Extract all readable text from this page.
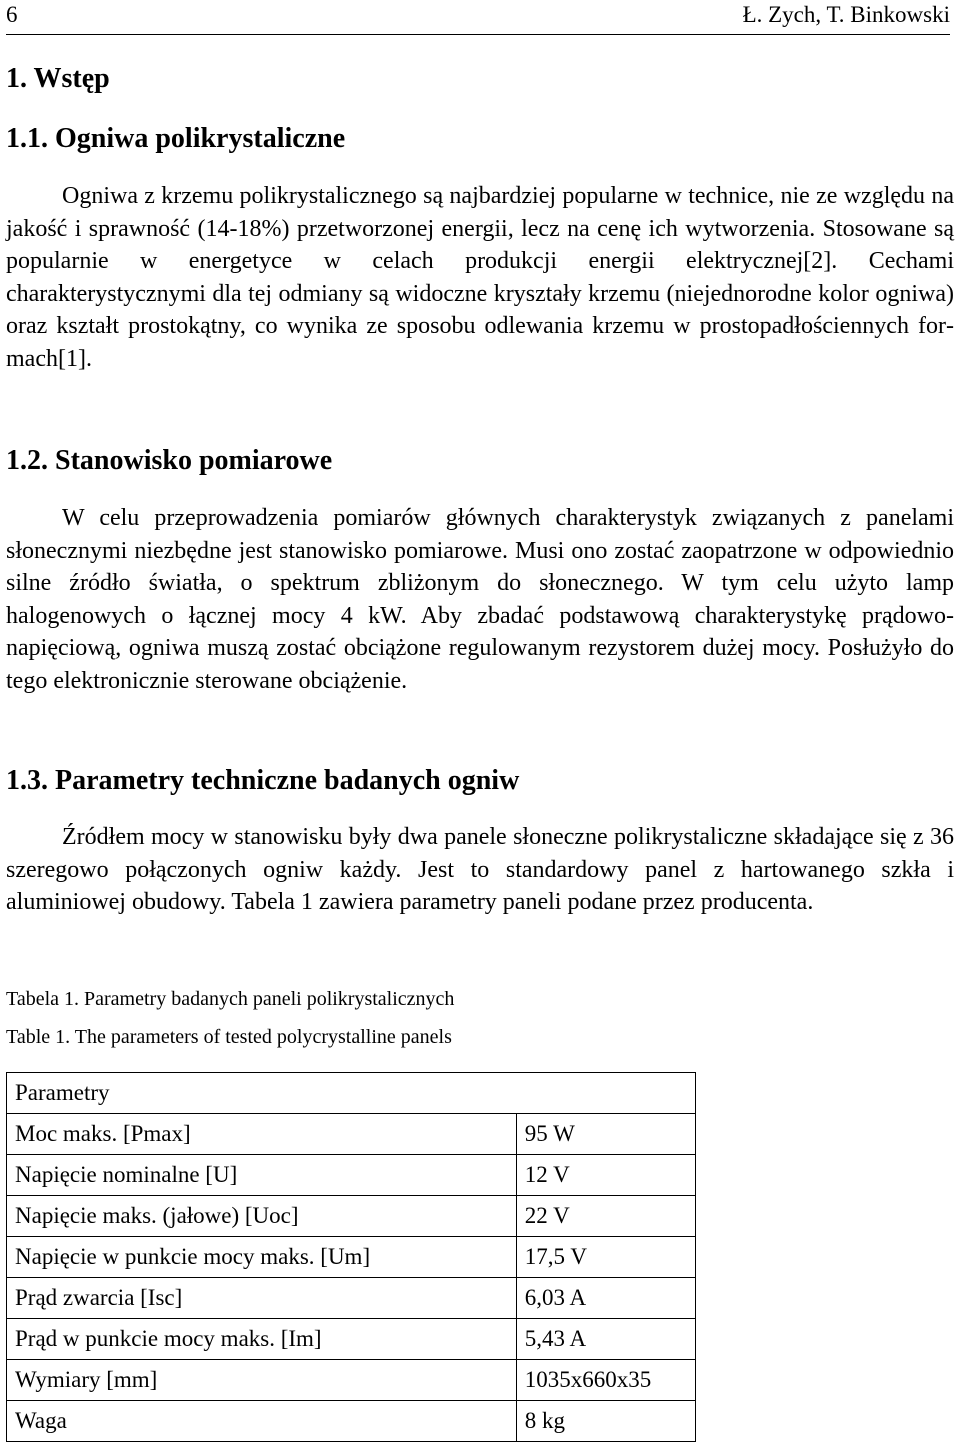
6	Ł. Zych, T. Binkowski
1. Wstęp
1.1. Ogniwa polikrystaliczne

Ogniwa z krzemu polikrystalicznego są najbardziej popularne w technice, nie ze względu na jakość i sprawność (14-18%) przetworzonej energii, lecz na cenę ich wytworzenia. Stosowane są popularnie w energetyce w celach produkcji energii elektrycznej[2]. Cechami charakterystycznymi dla tej odmiany są widoczne kryształy krzemu (niejednorodne kolor ogniwa) oraz kształt prostokątny, co wynika ze sposobu odlewania krzemu w prostopadłościennych formach[1].

1.2. Stanowisko pomiarowe

W celu przeprowadzenia pomiarów głównych charakterystyk związanych z panelami słonecznymi niezbędne jest stanowisko pomiarowe. Musi ono zostać zaopatrzone w odpowiednio silne źródło światła, o spektrum zbliżonym do słonecznego. W tym celu użyto lamp halogenowych o łącznej mocy 4 kW. Aby zbadać podstawową charakterystykę prądowo- napięciową, ogniwa muszą zostać obciążone regulowanym rezystorem dużej mocy. Posłużyło do tego elektronicznie sterowane obciążenie.

1.3. Parametry techniczne badanych ogniw

Źródłem mocy w stanowisku były dwa panele słoneczne polikrystaliczne składające się z 36 szeregowo połączonych ogniw każdy. Jest to standardowy panel z hartowanego szkła i aluminiowej obudowy. Tabela 1 zawiera parametry paneli podane przez producenta.

Tabela 1. Parametry badanych paneli polikrystalicznych
Table 1. The parameters of tested polycrystalline panels
Parametry	
Moc maks. [Pmax]	95 W
Napięcie nominalne [U]	12 V
Napięcie maks. (jałowe) [Uoc]	22 V
Napięcie w punkcie mocy maks. [Um]	17,5 V
Prąd zwarcia [Isc]	6,03 A
Prąd w punkcie mocy maks. [Im]	5,43 A
Wymiary [mm]	1035x660x35
Waga	8 kg
